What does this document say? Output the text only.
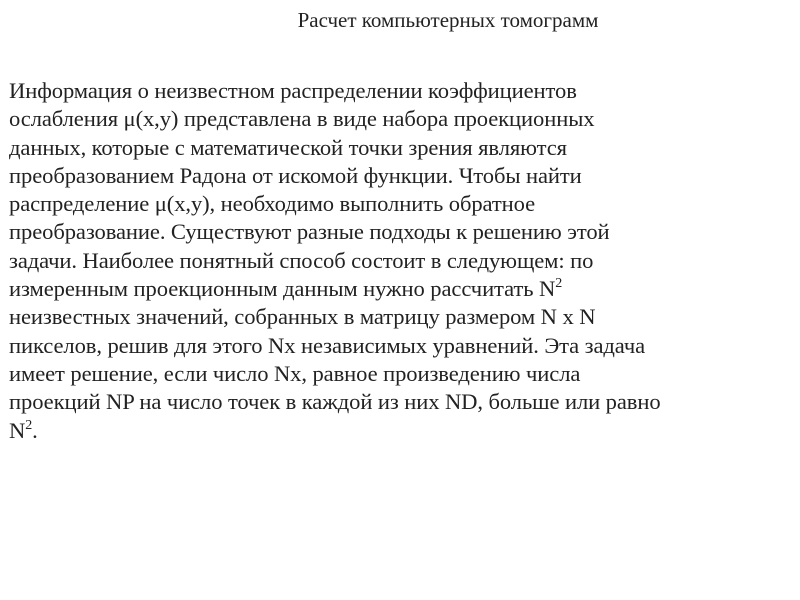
Расчет компьютерных томограмм
Информация о неизвестном распределении коэффициентов
ослабления μ(x,y) представлена в виде набора проекционных
данных, которые с математической точки зрения являются
преобразованием Радона от искомой функции. Чтобы найти
распределение μ(x,y), необходимо выполнить обратное
преобразование. Существуют разные подходы к решению этой
задачи. Наиболее понятный способ состоит в следующем: по
измеренным проекционным данным нужно рассчитать $N^2$
неизвестных значений, собранных в матрицу размером N x N
пикселов, решив для этого Nx независимых уравнений. Эта задача
имеет решение, если число Nx, равное произведению числа
проекций NP на число точек в каждой из них ND, больше или равно
$N^2$.
